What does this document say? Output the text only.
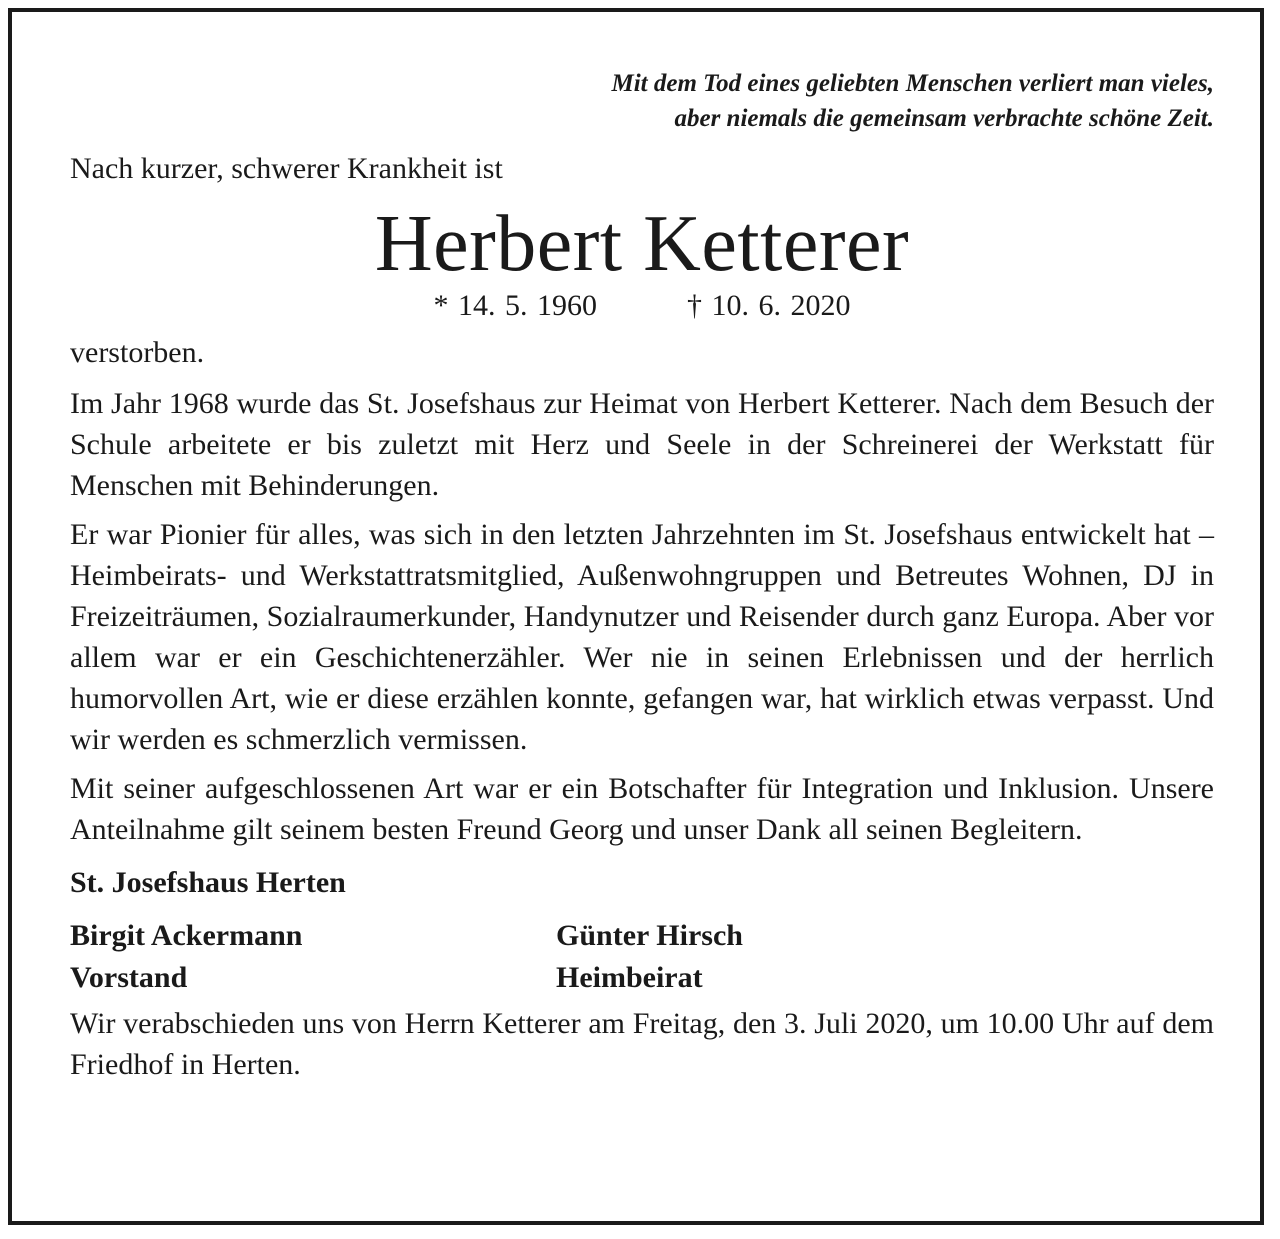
Mit dem Tod eines geliebten Menschen verliert man vieles,
aber niemals die gemeinsam verbrachte schöne Zeit.

Nach kurzer, schwerer Krankheit ist

Herbert Ketterer
* 14. 5. 1960	† 10. 6. 2020

verstorben.

Im Jahr 1968 wurde das St. Josefshaus zur Heimat von Herbert Ketterer. Nach dem Besuch der Schule arbeitete er bis zuletzt mit Herz und Seele in der Schreinerei der Werkstatt für Menschen mit Behinderungen.

Er war Pionier für alles, was sich in den letzten Jahrzehnten im St. Josefshaus entwickelt hat – Heimbeirats- und Werkstattratsmitglied, Außenwohngruppen und Betreutes Wohnen, DJ in Freizeiträumen, Sozialraumerkunder, Handynutzer und Reisender durch ganz Europa. Aber vor allem war er ein Geschichtenerzähler. Wer nie in seinen Erlebnissen und der herrlich humorvollen Art, wie er diese erzählen konnte, gefangen war, hat wirklich etwas verpasst. Und wir werden es schmerzlich vermissen.

Mit seiner aufgeschlossenen Art war er ein Botschafter für Integration und Inklusion. Unsere Anteilnahme gilt seinem besten Freund Georg und unser Dank all seinen Begleitern.

St. Josefshaus Herten

Birgit Ackermann
Vorstand
Günter Hirsch
Heimbeirat

Wir verabschieden uns von Herrn Ketterer am Freitag, den 3. Juli 2020, um 10.00 Uhr auf dem Friedhof in Herten.
